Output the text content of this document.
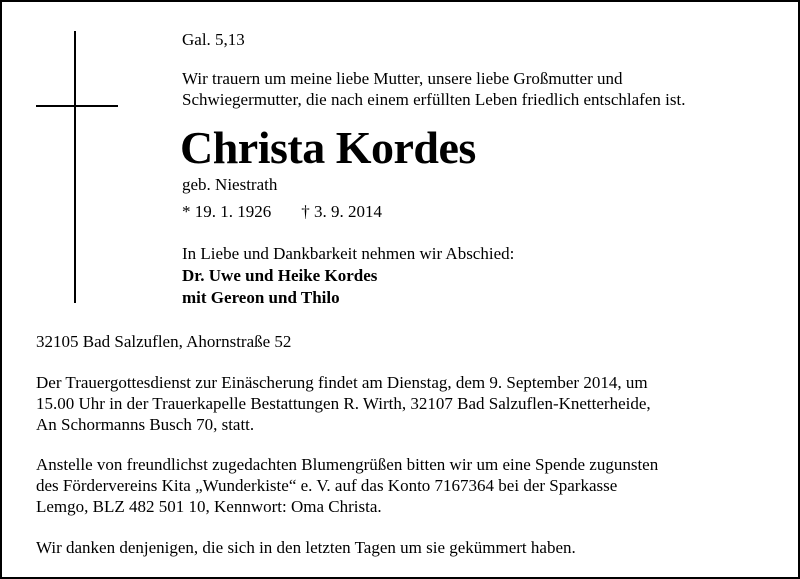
Gal. 5,13
Wir trauern um meine liebe Mutter, unsere liebe Großmutter und
Schwiegermutter, die nach einem erfüllten Leben friedlich entschlafen ist.
Christa Kordes
geb. Niestrath
* 19. 1. 1926 † 3. 9. 2014
In Liebe und Dankbarkeit nehmen wir Abschied:
Dr. Uwe und Heike Kordes
mit Gereon und Thilo
32105 Bad Salzuflen, Ahornstraße 52
Der Trauergottesdienst zur Einäscherung findet am Dienstag, dem 9. September 2014, um
15.00 Uhr in der Trauerkapelle Bestattungen R. Wirth, 32107 Bad Salzuflen-Knetterheide,
An Schormanns Busch 70, statt.
Anstelle von freundlichst zugedachten Blumengrüßen bitten wir um eine Spende zugunsten
des Fördervereins Kita „Wunderkiste“ e. V. auf das Konto 7167364 bei der Sparkasse
Lemgo, BLZ 482 501 10, Kennwort: Oma Christa.
Wir danken denjenigen, die sich in den letzten Tagen um sie gekümmert haben.
